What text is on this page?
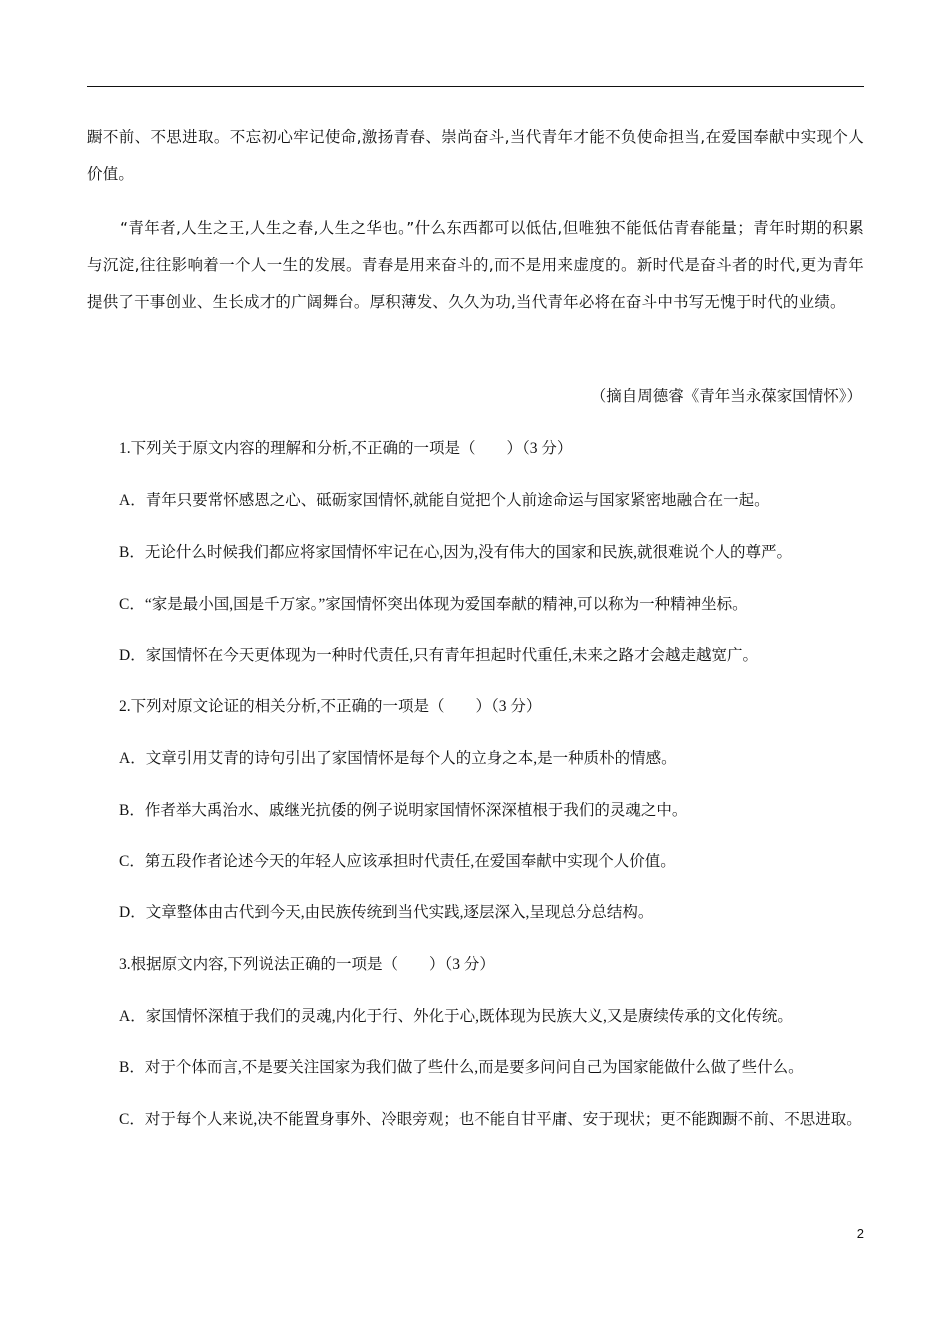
蹰不前、不思进取。不忘初心牢记使命,激扬青春、崇尚奋斗,当代青年才能不负使命担当,在爱国奉献中实现个人价值。

“青年者,人生之王,人生之春,人生之华也。”什么东西都可以低估,但唯独不能低估青春能量；青年时期的积累与沉淀,往往影响着一个人一生的发展。青春是用来奋斗的,而不是用来虚度的。新时代是奋斗者的时代,更为青年提供了干事创业、生长成才的广阔舞台。厚积薄发、久久为功,当代青年必将在奋斗中书写无愧于时代的业绩。

（摘自周德睿《青年当永葆家国情怀》）

1.下列关于原文内容的理解和分析,不正确的一项是（　　）（3 分）

A．青年只要常怀感恩之心、砥砺家国情怀,就能自觉把个人前途命运与国家紧密地融合在一起。

B．无论什么时候我们都应将家国情怀牢记在心,因为,没有伟大的国家和民族,就很难说个人的尊严。

C．“家是最小国,国是千万家。”家国情怀突出体现为爱国奉献的精神,可以称为一种精神坐标。

D．家国情怀在今天更体现为一种时代责任,只有青年担起时代重任,未来之路才会越走越宽广。

2.下列对原文论证的相关分析,不正确的一项是（　　）（3 分）

A．文章引用艾青的诗句引出了家国情怀是每个人的立身之本,是一种质朴的情感。

B．作者举大禹治水、戚继光抗倭的例子说明家国情怀深深植根于我们的灵魂之中。

C．第五段作者论述今天的年轻人应该承担时代责任,在爱国奉献中实现个人价值。

D．文章整体由古代到今天,由民族传统到当代实践,逐层深入,呈现总分总结构。

3.根据原文内容,下列说法正确的一项是（　　）（3 分）

A．家国情怀深植于我们的灵魂,内化于行、外化于心,既体现为民族大义,又是赓续传承的文化传统。

B．对于个体而言,不是要关注国家为我们做了些什么,而是要多问问自己为国家能做什么做了些什么。

C．对于每个人来说,决不能置身事外、冷眼旁观；也不能自甘平庸、安于现状；更不能踟蹰不前、不思进取。

2
